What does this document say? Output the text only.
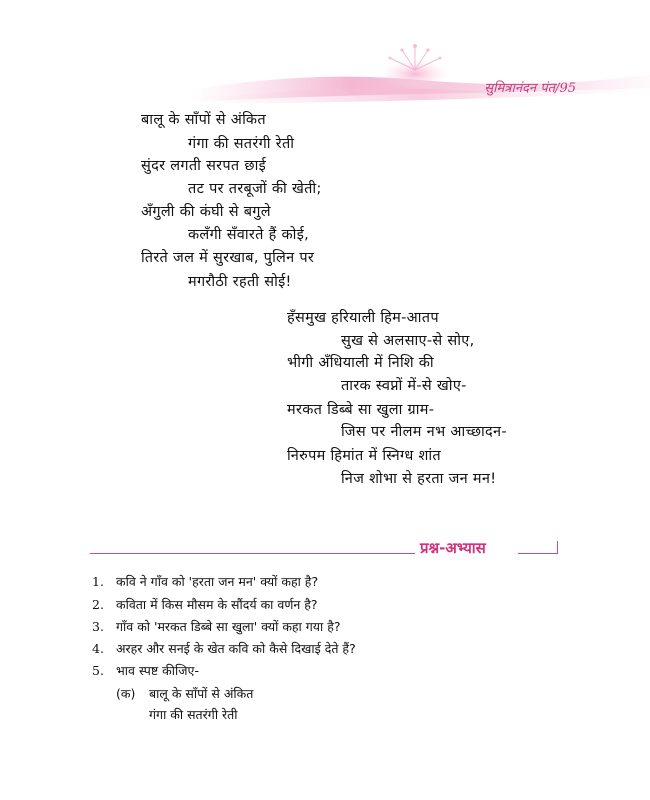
सुमित्रानंदन पंत/95
बालू के साँपों से अंकित
गंगा की सतरंगी रेती
सुंदर लगती सरपत छाई
तट पर तरबूजों की खेती;
अँगुली की कंघी से बगुले
कलँगी सँवारते हैं कोई,
तिरते जल में सुरखाब, पुलिन पर
मगरौठी रहती सोई!
हँसमुख हरियाली हिम-आतप
सुख से अलसाए-से सोए,
भीगी अँधियाली में निशि की
तारक स्वप्नों में-से खोए-
मरकत डिब्बे सा खुला ग्राम-
जिस पर नीलम नभ आच्छादन-
निरुपम हिमांत में स्निग्ध शांत
निज शोभा से हरता जन मन!
प्रश्न-अभ्यास
1. कवि ने गाँव को 'हरता जन मन' क्यों कहा है?
2. कविता में किस मौसम के सौंदर्य का वर्णन है?
3. गाँव को 'मरकत डिब्बे सा खुला' क्यों कहा गया है?
4. अरहर और सनई के खेत कवि को कैसे दिखाई देते हैं?
5. भाव स्पष्ट कीजिए-
(क) बालू के साँपों से अंकित
गंगा की सतरंगी रेती
